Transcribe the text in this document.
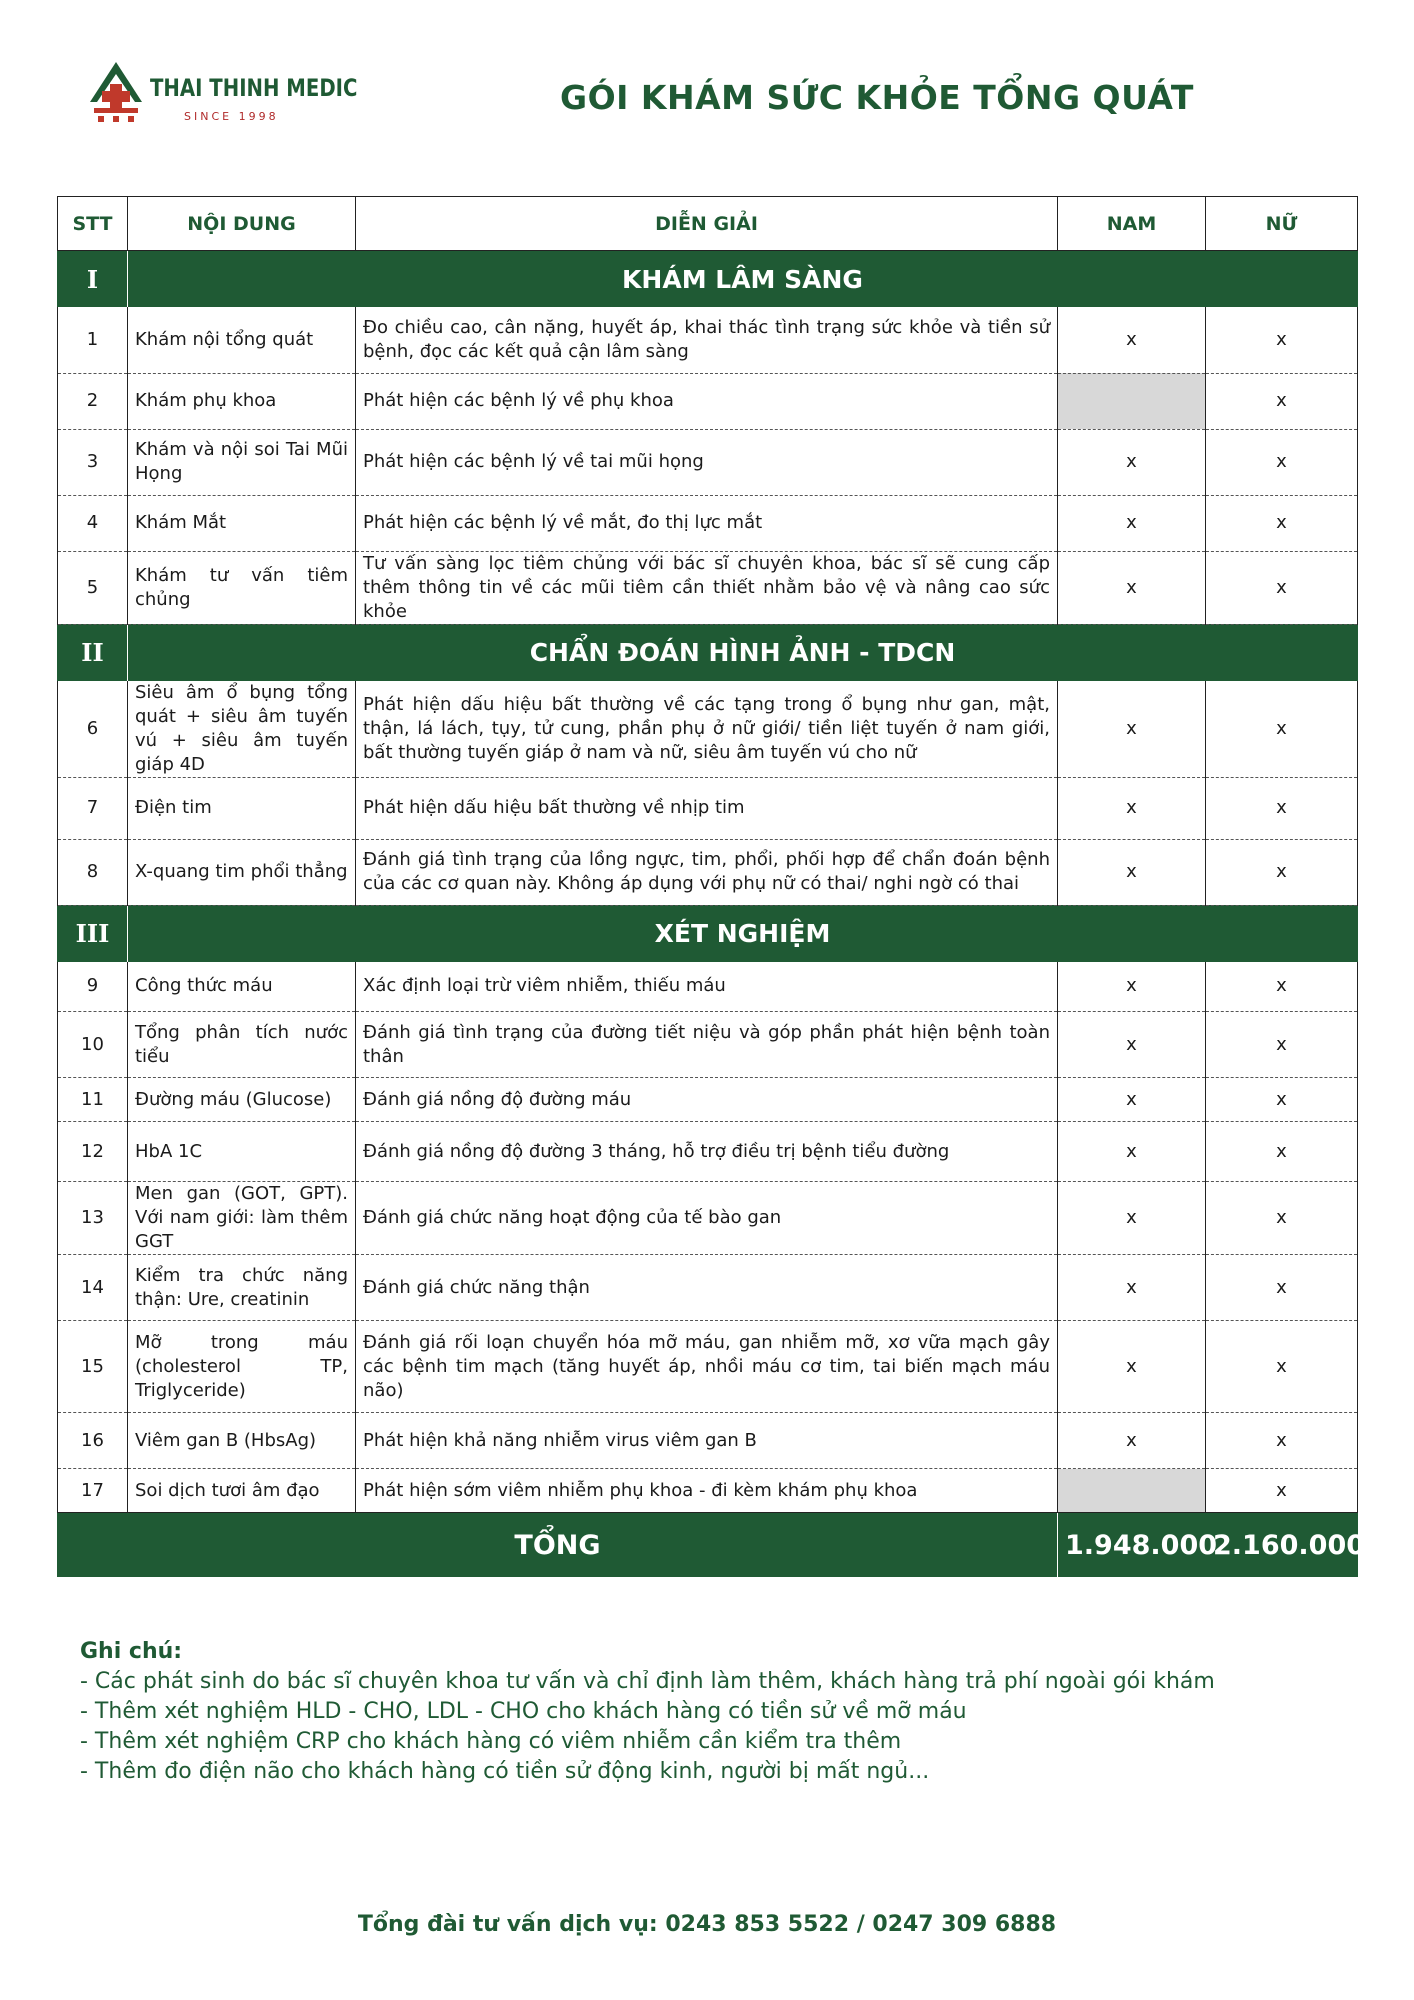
THAI THINH MEDIC
SINCE 1998	GÓI KHÁM SỨC KHỎE TỔNG QUÁT
STT	NỘI DUNG	DIỄN GIẢI	NAM	NỮ
I	KHÁM LÂM SÀNG			
1	Khám nội tổng quát	Đo chiều cao, cân nặng, huyết áp, khai thác tình trạng sức khỏe và tiền sử bệnh, đọc các kết quả cận lâm sàng	x	x
2	Khám phụ khoa	Phát hiện các bệnh lý về phụ khoa		x
3	Khám và nội soi Tai Mũi Họng	Phát hiện các bệnh lý về tai mũi họng	x	x
4	Khám Mắt	Phát hiện các bệnh lý về mắt, đo thị lực mắt	x	x
5	Khám tư vấn tiêm chủng	Tư vấn sàng lọc tiêm chủng với bác sĩ chuyên khoa, bác sĩ sẽ cung cấp thêm thông tin về các mũi tiêm cần thiết nhằm bảo vệ và nâng cao sức khỏe	x	x
II	CHẨN ĐOÁN HÌNH ẢNH - TDCN			
6	Siêu âm ổ bụng tổng quát + siêu âm tuyến vú + siêu âm tuyến giáp 4D	Phát hiện dấu hiệu bất thường về các tạng trong ổ bụng như gan, mật, thận, lá lách, tụy, tử cung, phần phụ ở nữ giới/ tiền liệt tuyến ở nam giới, bất thường tuyến giáp ở nam và nữ, siêu âm tuyến vú cho nữ	x	x
7	Điện tim	Phát hiện dấu hiệu bất thường về nhịp tim	x	x
8	X-quang tim phổi thẳng	Đánh giá tình trạng của lồng ngực, tim, phổi, phối hợp để chẩn đoán bệnh của các cơ quan này. Không áp dụng với phụ nữ có thai/ nghi ngờ có thai	x	x
III	XÉT NGHIỆM			
9	Công thức máu	Xác định loại trừ viêm nhiễm, thiếu máu	x	x
10	Tổng phân tích nước tiểu	Đánh giá tình trạng của đường tiết niệu và góp phần phát hiện bệnh toàn thân	x	x
11	Đường máu (Glucose)	Đánh giá nồng độ đường máu	x	x
12	HbA 1C	Đánh giá nồng độ đường 3 tháng, hỗ trợ điều trị bệnh tiểu đường	x	x
13	Men gan (GOT, GPT). Với nam giới: làm thêm GGT	Đánh giá chức năng hoạt động của tế bào gan	x	x
14	Kiểm tra chức năng thận: Ure, creatinin	Đánh giá chức năng thận	x	x
15	Mỡ trong máu (cholesterol TP, Triglyceride)	Đánh giá rối loạn chuyển hóa mỡ máu, gan nhiễm mỡ, xơ vữa mạch gây các bệnh tim mạch (tăng huyết áp, nhồi máu cơ tim, tai biến mạch máu não)	x	x
16	Viêm gan B (HbsAg)	Phát hiện khả năng nhiễm virus viêm gan B	x	x
17	Soi dịch tươi âm đạo	Phát hiện sớm viêm nhiễm phụ khoa - đi kèm khám phụ khoa		x
TỔNG			1.948.000	2.160.000
Ghi chú:
- Các phát sinh do bác sĩ chuyên khoa tư vấn và chỉ định làm thêm, khách hàng trả phí ngoài gói khám
- Thêm xét nghiệm HLD - CHO, LDL - CHO cho khách hàng có tiền sử về mỡ máu
- Thêm xét nghiệm CRP cho khách hàng có viêm nhiễm cần kiểm tra thêm
- Thêm đo điện não cho khách hàng có tiền sử động kinh, người bị mất ngủ...
Tổng đài tư vấn dịch vụ: 0243 853 5522 / 0247 309 6888
